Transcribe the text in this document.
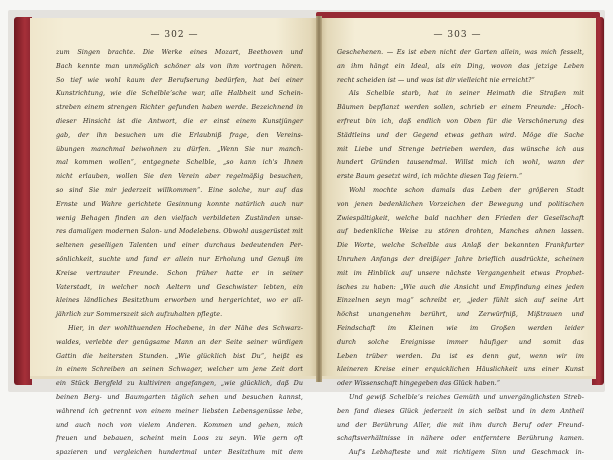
— 302 —
zum Singen brachte. Die Werke eines Mozart, Beethoven und
Bach kennte man unmöglich schöner als von ihm vortragen hören.
So tief wie wohl kaum der Berufserung bedürfen, hat bei einer
Kunstrichtung, wie die Schelbleʼsche war, alle Halbheit und Schein-
streben einem strengen Richter gefunden haben werde. Bezeichnend in
dieser Hinsicht ist die Antwort, die er einst einem Kunstjünger
gab, der ihn besuchen um die Erlaubniß frage, den Vereins-
übungen manchmal beiwohnen zu dürfen. „Wenn Sie nur manch-
mal kommen wollen“, entgegnete Schelble, „so kann ich's Ihnen
nicht erlauben, wollen Sie den Verein aber regelmäßig besuchen,
so sind Sie mir jederzeit willkommen“. Eine solche, nur auf das
Ernste und Wahre gerichtete Gesinnung konnte natürlich auch nur
wenig Behagen finden an den vielfach verbildeten Zuständen unse-
res damaligen modernen Salon- und Modelebens. Obwohl ausgerüstet mit
seltenen geselligen Talenten und einer durchaus bedeutenden Per-
sönlichkeit, suchte und fand er allein nur Erholung und Genuß im
Kreise vertrauter Freunde. Schon früher hatte er in seiner
Vaterstadt, in welcher noch Aeltern und Geschwister lebten, ein
kleines ländliches Besitzthum erworben und hergerichtet, wo er all-
jährlich zur Sommerszeit sich aufzuhalten pflegte.
Hier, in der wohlthuenden Hochebene, in der Nähe des Schwarz-
waldes, verlebte der genügsame Mann an der Seite seiner würdigen
Gattin die heitersten Stunden. „Wie glücklich bist Du“, heißt es
in einem Schreiben an seinen Schwager, welcher um jene Zeit dort
ein Stück Bergfeld zu kultiviren angefangen, „wie glücklich, daß Du
beinen Berg- und Baumgarten täglich sehen und besuchen kannst,
während ich getrennt von einem meiner liebsten Lebensgenüsse lebe,
und auch noch von vielem Anderen. Kommen und gehen, mich
freuen und bebauen, scheint mein Loos zu seyn. Wie gern oft
spazieren und vergleichen hundertmal unter Besitzthum mit dem
— 303 —
Geschehenen. — Es ist eben nicht der Garten allein, was mich fesselt,
an ihm hängt ein Ideal, als ein Ding, wovon das jetzige Leben
recht scheiden ist — und was ist dir vielleicht nie erreicht?“
Als Schelble starb, hat in seiner Heimath die Straßen mit
Bäumen bepflanzt werden sollen, schrieb er einem Freunde: „Hoch-
erfreut bin ich, daß endlich von Oben für die Verschönerung des
Städtleins und der Gegend etwas gethan wird. Möge die Sache
mit Liebe und Strenge betrieben werden, das wünsche ich aus
hundert Gründen tausendmal. Willst mich ich wohl, wann der
erste Baum gesetzt wird, ich möchte diesen Tag feiern.“
Wohl mochte schon damals das Leben der größeren Stadt
von jenen bedenklichen Vorzeichen der Bewegung und politischen
Zwiespältigkeit, welche bald nachher den Frieden der Gesellschaft
auf bedenkliche Weise zu stören drohten, Manches ahnen lassen.
Die Worte, welche Schelble aus Anlaß der bekannten Frankfurter
Unruhen Anfangs der dreißiger Jahre brieflich ausdrückte, scheinen
mit im Hinblick auf unsere nächste Vergangenheit etwas Prophet-
isches zu haben: „Wie auch die Ansicht und Empfindung eines jeden
Einzelnen seyn mag“ schreibt er, „jeder fühlt sich auf seine Art
höchst unangenehm berührt, und Zerwürfniß, Mißtrauen und
Feindschaft im Kleinen wie im Großen werden leider
durch solche Ereignisse immer häufiger und somit das
Leben trüber werden. Da ist es denn gut, wenn wir im
kleineren Kreise einer erquicklichen Häuslichkeit uns einer Kunst
oder Wissenschaft hingegeben das Glück haben.“
Und gewiß Schelbleʼs reiches Gemüth und unvergänglichsten Streb-
ben fand dieses Glück jederzeit in sich selbst und in dem Antheil
und der Berührung Aller, die mit ihm durch Beruf oder Freund-
schaftsverhältnisse in nähere oder entferntere Berührung kamen.
Auf's Lebhafteste und mit richtigem Sinn und Geschmack in-
